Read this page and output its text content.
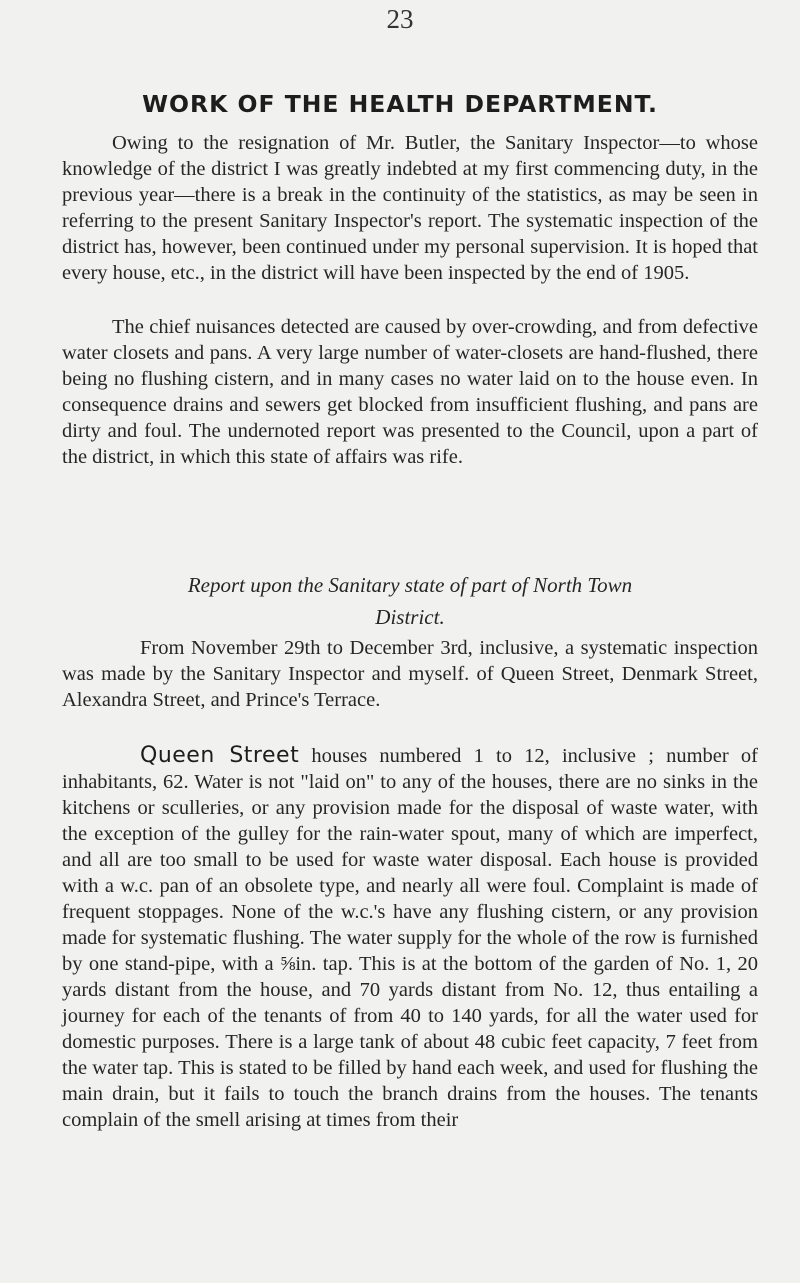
23
WORK OF THE HEALTH DEPARTMENT.

Owing to the resignation of Mr. Butler, the Sanitary Inspector—to whose knowledge of the district I was greatly indebted at my first commencing duty, in the previous year—there is a break in the continuity of the statistics, as may be seen in referring to the present Sanitary Inspector's report. The systematic inspection of the district has, however, been continued under my personal supervision. It is hoped that every house, etc., in the district will have been inspected by the end of 1905.

The chief nuisances detected are caused by over-crowding, and from defective water closets and pans. A very large number of water-closets are hand-flushed, there being no flushing cistern, and in many cases no water laid on to the house even. In consequence drains and sewers get blocked from insufficient flushing, and pans are dirty and foul. The undernoted report was presented to the Council, upon a part of the district, in which this state of affairs was rife.

Report upon the Sanitary state of part of North Town
District.

From November 29th to December 3rd, inclusive, a systematic inspection was made by the Sanitary Inspector and myself. of Queen Street, Denmark Street, Alexandra Street, and Prince's Terrace.

Queen Street houses numbered 1 to 12, inclusive ; number of inhabitants, 62. Water is not "laid on" to any of the houses, there are no sinks in the kitchens or sculleries, or any provision made for the disposal of waste water, with the exception of the gulley for the rain-water spout, many of which are imperfect, and all are too small to be used for waste water disposal. Each house is provided with a w.c. pan of an obsolete type, and nearly all were foul. Complaint is made of frequent stoppages. None of the w.c.'s have any flushing cistern, or any provision made for systematic flushing. The water supply for the whole of the row is furnished by one stand-pipe, with a ⅝in. tap. This is at the bottom of the garden of No. 1, 20 yards distant from the house, and 70 yards distant from No. 12, thus entailing a journey for each of the tenants of from 40 to 140 yards, for all the water used for domestic purposes. There is a large tank of about 48 cubic feet capacity, 7 feet from the water tap. This is stated to be filled by hand each week, and used for flushing the main drain, but it fails to touch the branch drains from the houses. The tenants complain of the smell arising at times from their
